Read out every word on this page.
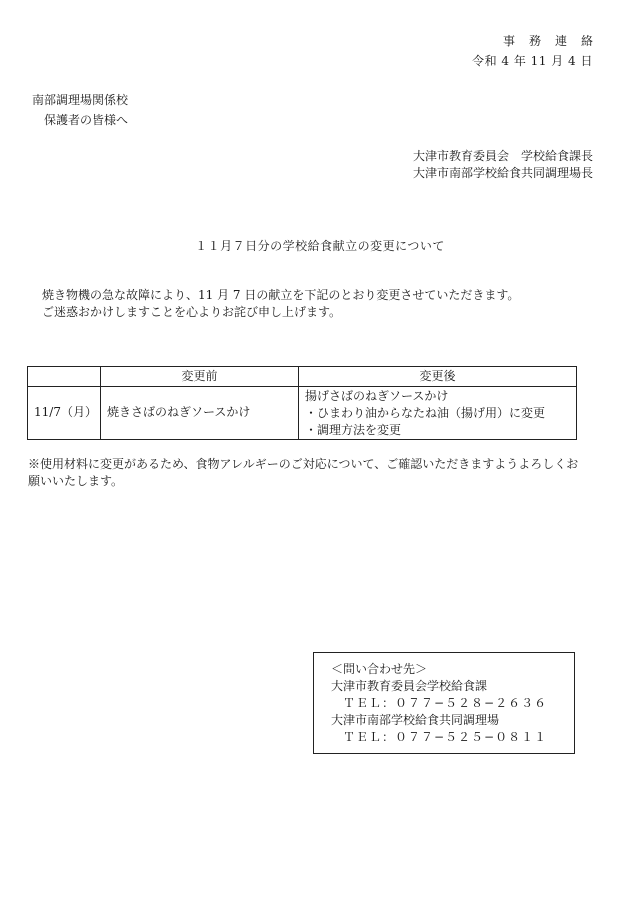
事務連絡
令和 4 年 11 月 4 日
南部調理場関係校
保護者の皆様へ
大津市教育委員会　学校給食課長
大津市南部学校給食共同調理場長
１１月７日分の学校給食献立の変更について
焼き物機の急な故障により、11 月 7 日の献立を下記のとおり変更させていただきます。
ご迷惑おかけしますことを心よりお詫び申し上げます。
	変更前	変更後
11/7（月）	焼きさばのねぎソースかけ	揚げさばのねぎソースかけ
・ひまわり油からなたね油（揚げ用）に変更
・調理方法を変更
※使用材料に変更があるため、食物アレルギーのご対応について、ご確認いただきますようよろしくお願いいたします。
＜問い合わせ先＞
大津市教育委員会学校給食課
ＴＥＬ：０７７−５２８−２６３６
大津市南部学校給食共同調理場
ＴＥＬ：０７７−５２５−０８１１
